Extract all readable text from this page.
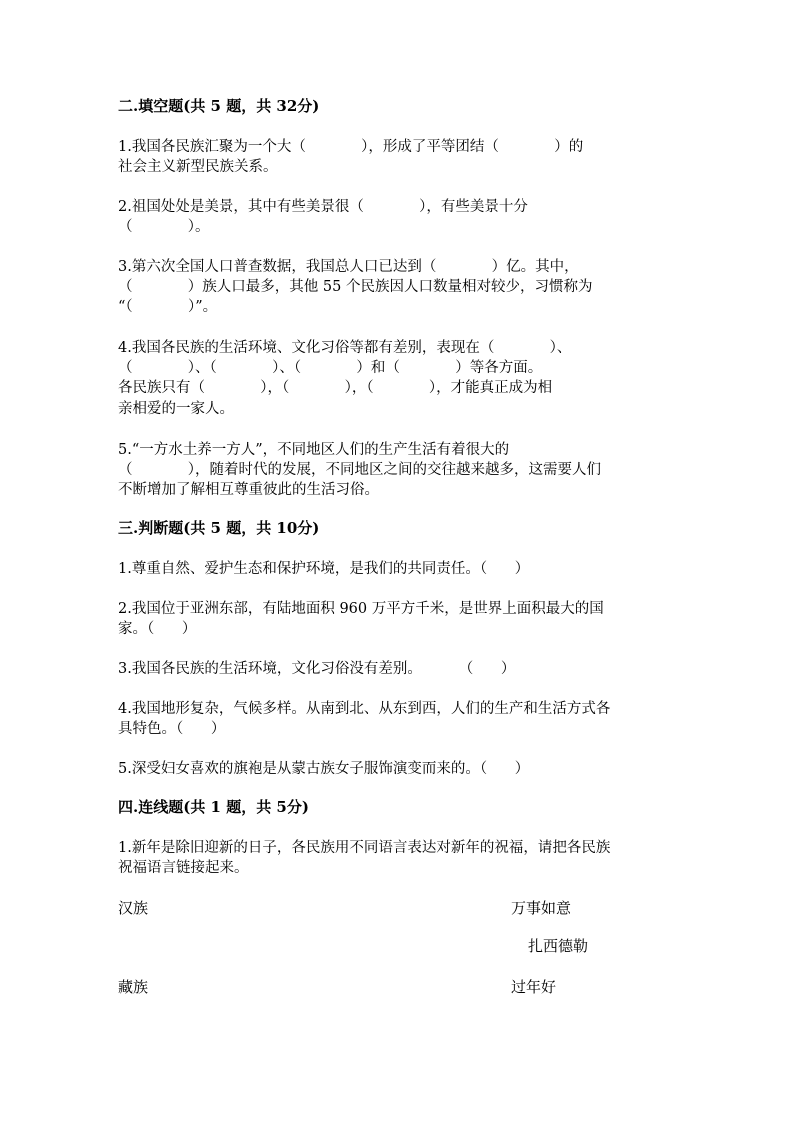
二.填空题(共 5 题，共 32分)
1.我国各民族汇聚为一个大（            ），形成了平等团结（            ）的
社会主义新型民族关系。
2.祖国处处是美景，其中有些美景很（            ），有些美景十分
（            ）。
3.第六次全国人口普查数据，我国总人口已达到（            ）亿。其中，
（            ）族人口最多，其他 55 个民族因人口数量相对较少，习惯称为
“（            ）”。
4.我国各民族的生活环境、文化习俗等都有差别，表现在（            ）、
（            ）、（            ）、（            ）和（            ）等各方面。
各民族只有（            ），（            ），（            ），才能真正成为相
亲相爱的一家人。
5.“一方水土养一方人”，不同地区人们的生产生活有着很大的
（            ），随着时代的发展，不同地区之间的交往越来越多，这需要人们
不断增加了解相互尊重彼此的生活习俗。
三.判断题(共 5 题，共 10分)
1.尊重自然、爱护生态和保护环境，是我们的共同责任。（      ）
2.我国位于亚洲东部，有陆地面积 960 万平方千米，是世界上面积最大的国
家。（      ）
3.我国各民族的生活环境，文化习俗没有差别。        （      ）
4.我国地形复杂，气候多样。从南到北、从东到西，人们的生产和生活方式各
具特色。（      ）
5.深受妇女喜欢的旗袍是从蒙古族女子服饰演变而来的。（      ）
四.连线题(共 1 题，共 5分)
1.新年是除旧迎新的日子，各民族用不同语言表达对新年的祝福，请把各民族
祝福语言链接起来。
汉族
藏族
万事如意
扎西德勒
过年好
